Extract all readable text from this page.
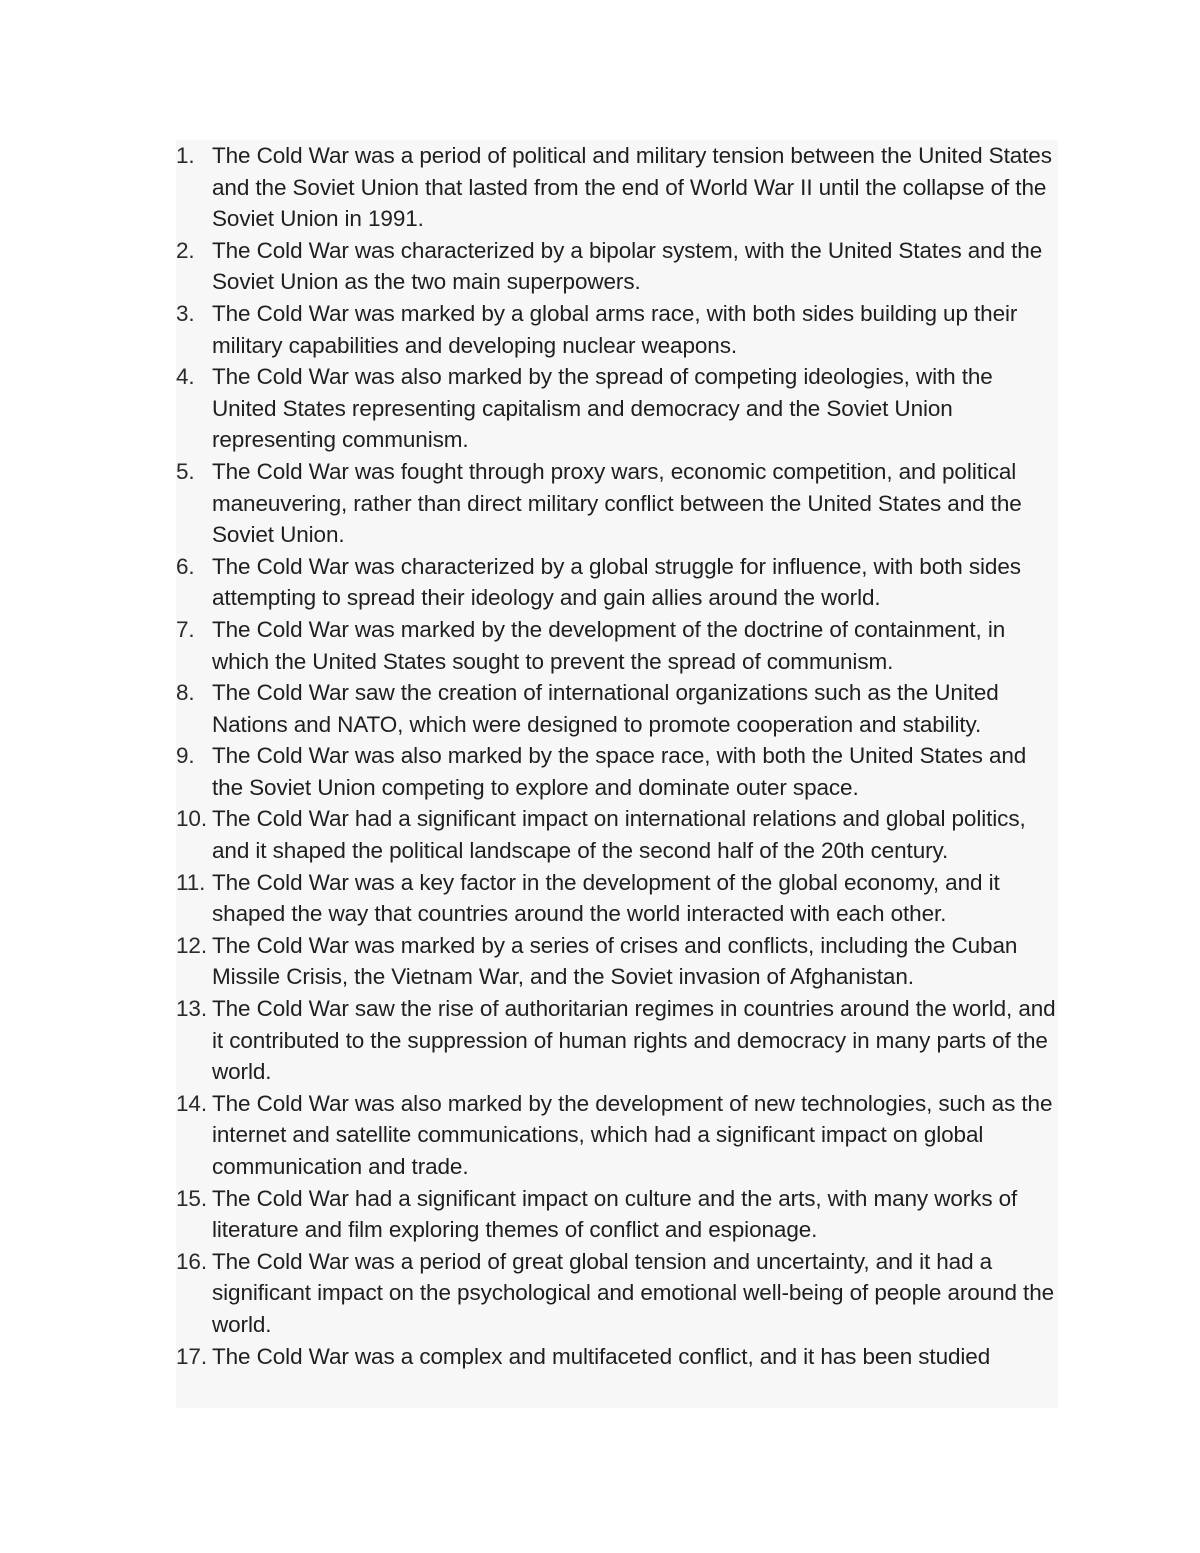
1. The Cold War was a period of political and military tension between the United States and the Soviet Union that lasted from the end of World War II until the collapse of the Soviet Union in 1991.
2. The Cold War was characterized by a bipolar system, with the United States and the Soviet Union as the two main superpowers.
3. The Cold War was marked by a global arms race, with both sides building up their military capabilities and developing nuclear weapons.
4. The Cold War was also marked by the spread of competing ideologies, with the United States representing capitalism and democracy and the Soviet Union representing communism.
5. The Cold War was fought through proxy wars, economic competition, and political maneuvering, rather than direct military conflict between the United States and the Soviet Union.
6. The Cold War was characterized by a global struggle for influence, with both sides attempting to spread their ideology and gain allies around the world.
7. The Cold War was marked by the development of the doctrine of containment, in which the United States sought to prevent the spread of communism.
8. The Cold War saw the creation of international organizations such as the United Nations and NATO, which were designed to promote cooperation and stability.
9. The Cold War was also marked by the space race, with both the United States and the Soviet Union competing to explore and dominate outer space.
10. The Cold War had a significant impact on international relations and global politics, and it shaped the political landscape of the second half of the 20th century.
11. The Cold War was a key factor in the development of the global economy, and it shaped the way that countries around the world interacted with each other.
12. The Cold War was marked by a series of crises and conflicts, including the Cuban Missile Crisis, the Vietnam War, and the Soviet invasion of Afghanistan.
13. The Cold War saw the rise of authoritarian regimes in countries around the world, and it contributed to the suppression of human rights and democracy in many parts of the world.
14. The Cold War was also marked by the development of new technologies, such as the internet and satellite communications, which had a significant impact on global communication and trade.
15. The Cold War had a significant impact on culture and the arts, with many works of literature and film exploring themes of conflict and espionage.
16. The Cold War was a period of great global tension and uncertainty, and it had a significant impact on the psychological and emotional well-being of people around the world.
17. The Cold War was a complex and multifaceted conflict, and it has been studied
